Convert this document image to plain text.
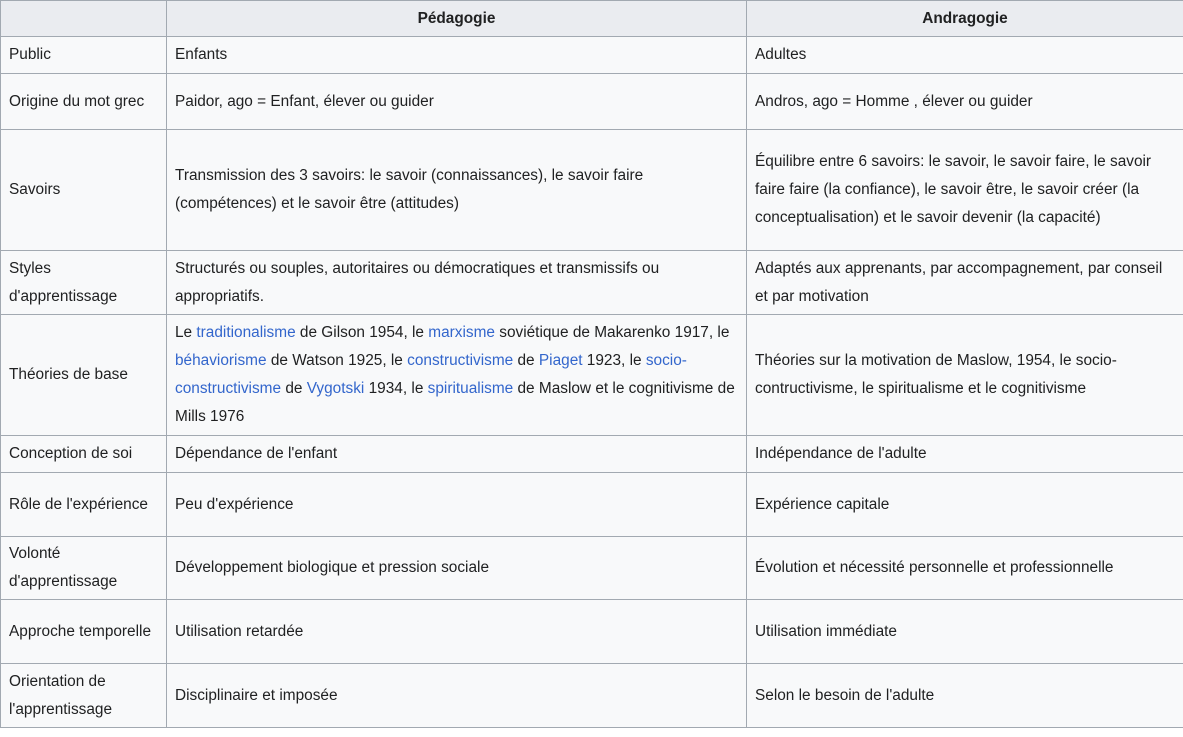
	Pédagogie	Andragogie
Public	Enfants	Adultes
Origine du mot grec	Paidor, ago = Enfant, élever ou guider	Andros, ago = Homme , élever ou guider
Savoirs	Transmission des 3 savoirs: le savoir (connaissances), le savoir faire (compétences) et le savoir être (attitudes)	Équilibre entre 6 savoirs: le savoir, le savoir faire, le savoir faire faire (la confiance), le savoir être, le savoir créer (la conceptualisation) et le savoir devenir (la capacité)
Styles d'apprentissage	Structurés ou souples, autoritaires ou démocratiques et transmissifs ou appropriatifs.	Adaptés aux apprenants, par accompagnement, par conseil et par motivation
Théories de base	Le traditionalisme de Gilson 1954, le marxisme soviétique de Makarenko 1917, le béhaviorisme de Watson 1925, le constructivisme de Piaget 1923, le socio-constructivisme de Vygotski 1934, le spiritualisme de Maslow et le cognitivisme de Mills 1976	Théories sur la motivation de Maslow, 1954, le socio-contructivisme, le spiritualisme et le cognitivisme
Conception de soi	Dépendance de l'enfant	Indépendance de l'adulte
Rôle de l'expérience	Peu d'expérience	Expérience capitale
Volonté d'apprentissage	Développement biologique et pression sociale	Évolution et nécessité personnelle et professionnelle
Approche temporelle	Utilisation retardée	Utilisation immédiate
Orientation de l'apprentissage	Disciplinaire et imposée	Selon le besoin de l'adulte
